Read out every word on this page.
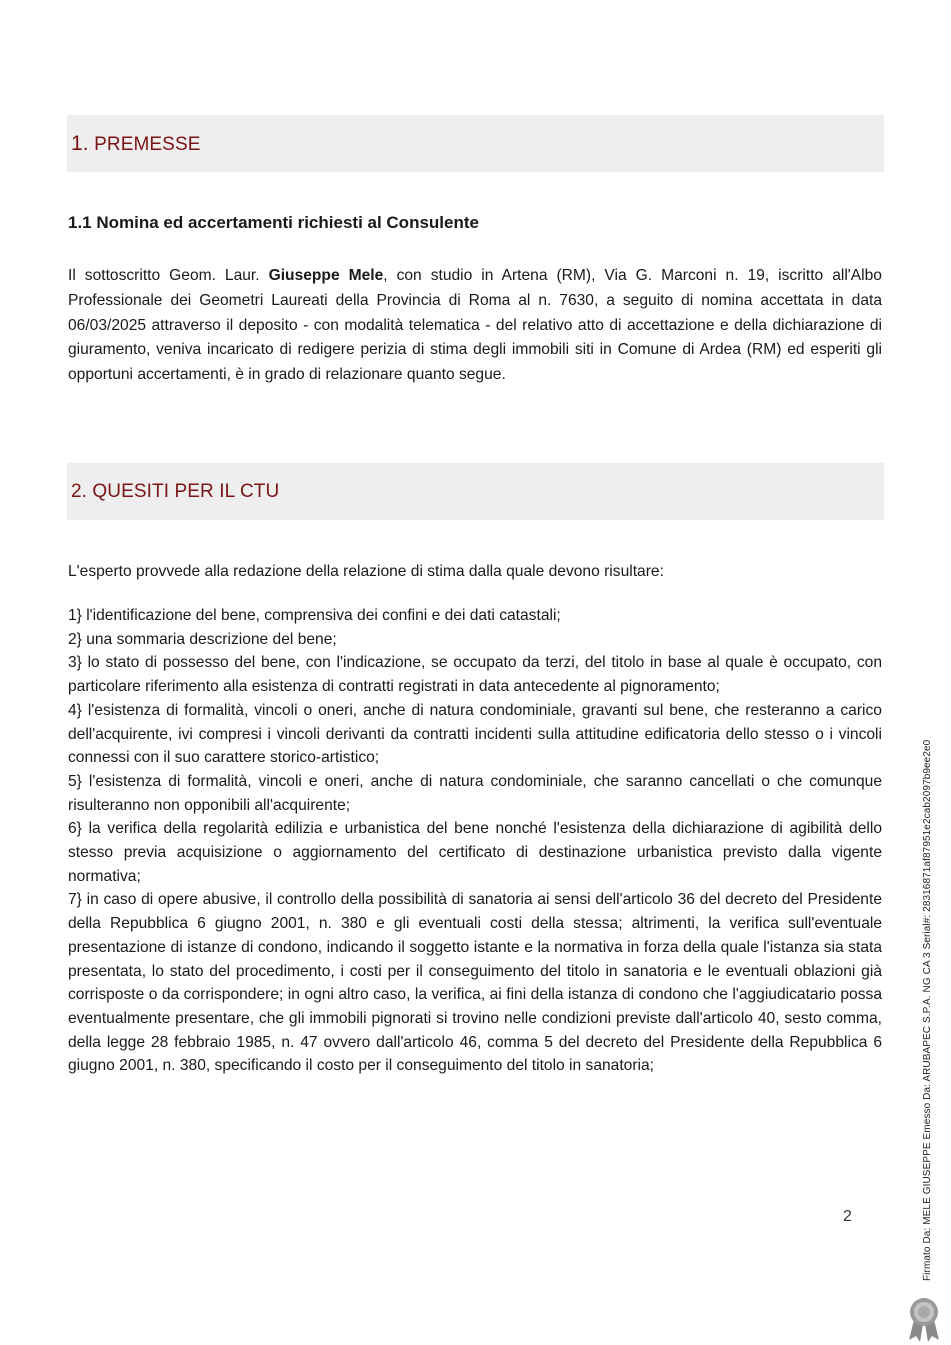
1. PREMESSE
1.1 Nomina ed accertamenti richiesti al Consulente

Il sottoscritto Geom. Laur. Giuseppe Mele, con studio in Artena (RM), Via G. Marconi n. 19, iscritto all'Albo Professionale dei Geometri Laureati della Provincia di Roma al n. 7630, a seguito di nomina accettata in data 06/03/2025 attraverso il deposito - con modalità telematica - del relativo atto di accettazione e della dichiarazione di giuramento, veniva incaricato di redigere perizia di stima degli immobili siti in Comune di Ardea (RM) ed esperiti gli opportuni accertamenti, è in grado di relazionare quanto segue.

2. QUESITI PER IL CTU

L'esperto provvede alla redazione della relazione di stima dalla quale devono risultare:

1} l'identificazione del bene, comprensiva dei confini e dei dati catastali;
2} una sommaria descrizione del bene;
3} lo stato di possesso del bene, con l'indicazione, se occupato da terzi, del titolo in base al quale è occupato, con particolare riferimento alla esistenza di contratti registrati in data antecedente al pignoramento;
4} l'esistenza di formalità, vincoli o oneri, anche di natura condominiale, gravanti sul bene, che resteranno a carico dell'acquirente, ivi compresi i vincoli derivanti da contratti incidenti sulla attitudine edificatoria dello stesso o i vincoli connessi con il suo carattere storico-artistico;
5} l'esistenza di formalità, vincoli e oneri, anche di natura condominiale, che saranno cancellati o che comunque risulteranno non opponibili all'acquirente;
6} la verifica della regolarità edilizia e urbanistica del bene nonché l'esistenza della dichiarazione di agibilità dello stesso previa acquisizione o aggiornamento del certificato di destinazione urbanistica previsto dalla vigente normativa;
7} in caso di opere abusive, il controllo della possibilità di sanatoria ai sensi dell'articolo 36 del decreto del Presidente della Repubblica 6 giugno 2001, n. 380 e gli eventuali costi della stessa; altrimenti, la verifica sull'eventuale presentazione di istanze di condono, indicando il soggetto istante e la normativa in forza della quale l'istanza sia stata presentata, lo stato del procedimento, i costi per il conseguimento del titolo in sanatoria e le eventuali oblazioni già corrisposte o da corrispondere; in ogni altro caso, la verifica, ai fini della istanza di condono che l'aggiudicatario possa eventualmente presentare, che gli immobili pignorati si trovino nelle condizioni previste dall'articolo 40, sesto comma, della legge 28 febbraio 1985, n. 47 ovvero dall'articolo 46, comma 5 del decreto del Presidente della Repubblica 6 giugno 2001, n. 380, specificando il costo per il conseguimento del titolo in sanatoria;
2	Firmato Da: MELE GIUSEPPE Emesso Da: ARUBAPEC S.P.A. NG CA 3 Serial#: 28316871af87951e2cab2097b9ee2e0
